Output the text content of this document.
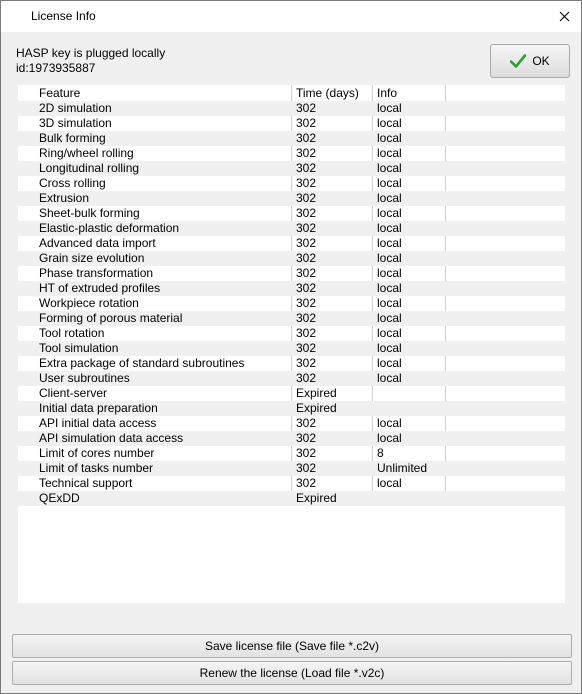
License Info
HASP key is plugged locally
id:1973935887	OK
Feature	Time (days) Info
2D simulation	302	local
3D simulation	302	local
Bulk forming	302	local
Ring/wheel rolling	302	local
Longitudinal rolling	302	local
Cross rolling	302	local
Extrusion	302	local
Sheet-bulk forming	302	local
Elastic-plastic deformation	302	local
Advanced data import	302	local
Grain size evolution	302	local
Phase transformation	302	local
HT of extruded profiles	302	local
Workpiece rotation	302	local
Forming of porous material	302	local
Tool rotation	302	local
Tool simulation	302	local
Extra package of standard subroutines	302	local
User subroutines	302	local
Client-server	Expired
Initial data preparation	Expired
API initial data access	302	local
API simulation data access	302	local
Limit of cores number	302	8
Limit of tasks number	302	Unlimited
Technical support	302	local
QExDD	Expired
Save license file (Save file *.c2v)
Renew the license (Load file *.v2c)
